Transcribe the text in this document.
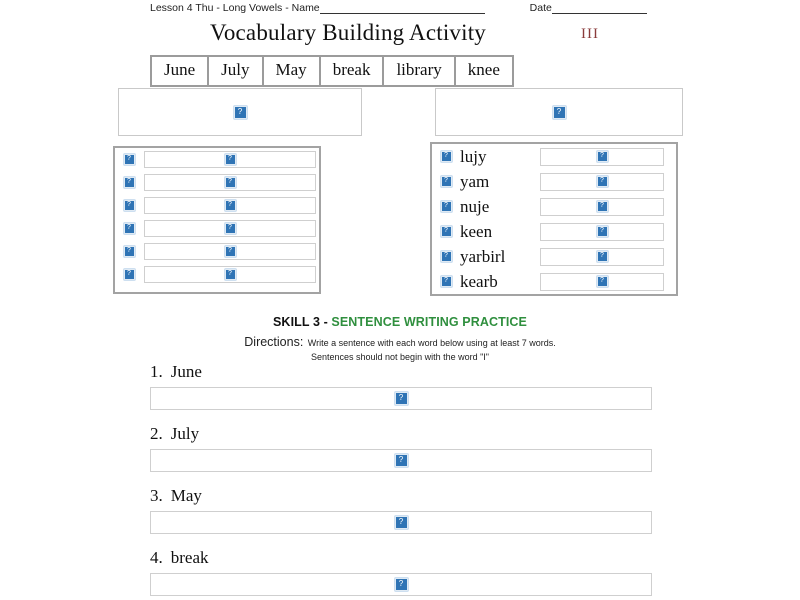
Lesson 4 Thu - Long Vowels - Name	Date
Vocabulary Building Activity	III
June	July	May	break	library	knee
?
?
?
?
?
?
?
?
?
?
?
?
?
?
?
lujy
?
?
yam
?
?
nuje
?
?
keen
?
?
yarbirl
?
?
kearb
?
SKILL 3 - SENTENCE WRITING PRACTICE
Directions: Write a sentence with each word below using at least 7 words.
Sentences should not begin with the word "I"
1. June
?
2. July
?
3. May
?
4. break
?
